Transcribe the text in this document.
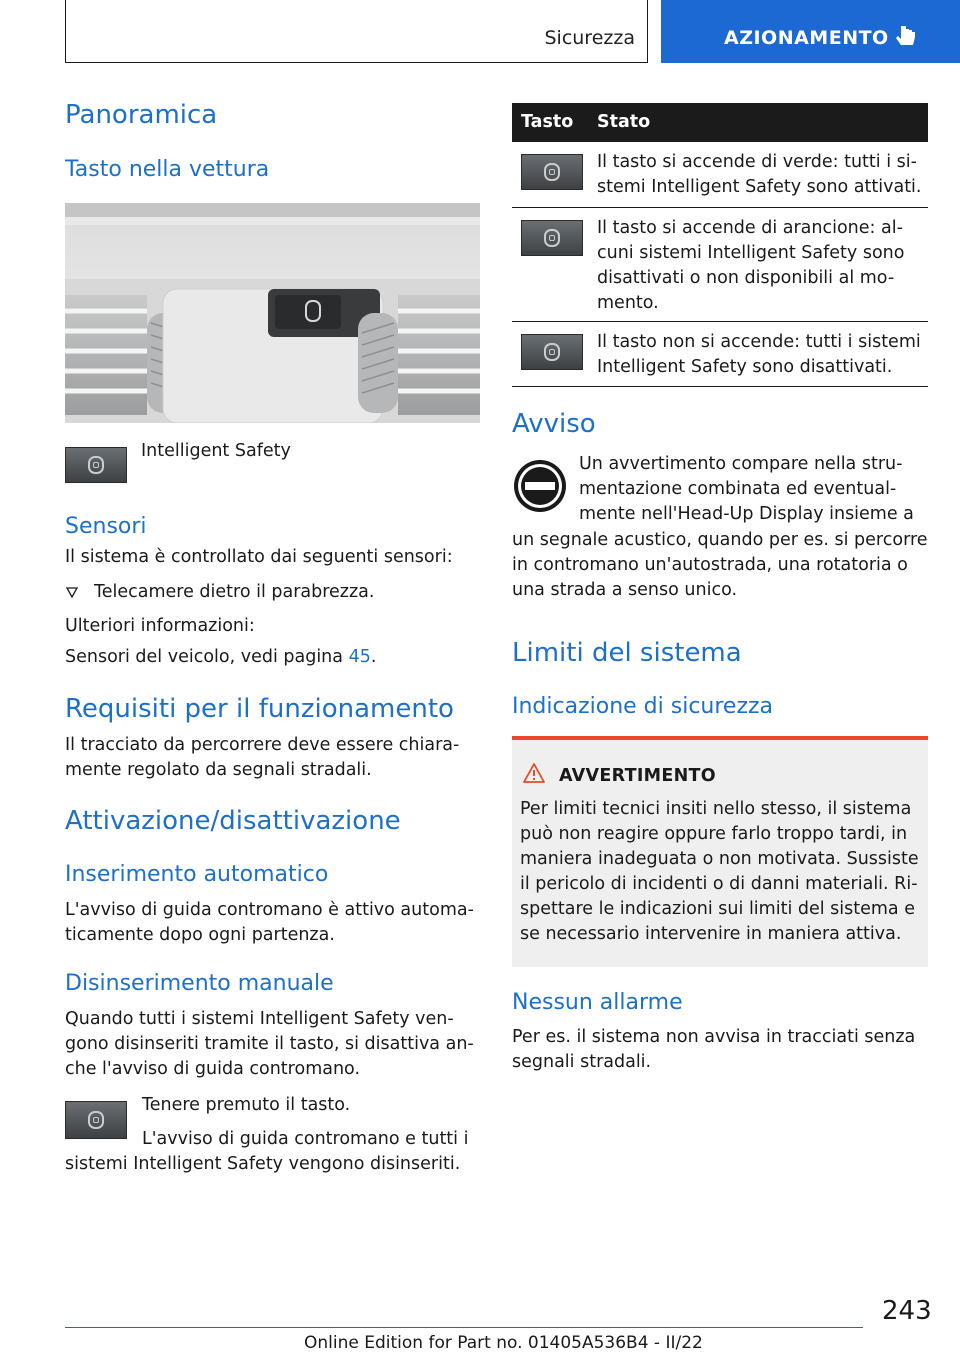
Sicurezza	AZIONAMENTO
Panoramica
Tasto nella vettura
Intelligent Safety
Sensori
Il sistema è controllato dai seguenti sensori:
Telecamere dietro il parabrezza.
Ulteriori informazioni:
Sensori del veicolo, vedi pagina 45.
Requisiti per il funzionamento
Il tracciato da percorrere deve essere chiara-
mente regolato da segnali stradali.
Attivazione/disattivazione
Inserimento automatico
L'avviso di guida contromano è attivo automa-
ticamente dopo ogni partenza.
Disinserimento manuale
Quando tutti i sistemi Intelligent Safety ven-
gono disinseriti tramite il tasto, si disattiva an-
che l'avviso di guida contromano.
Tenere premuto il tasto.
L'avviso di guida contromano e tutti i
sistemi Intelligent Safety vengono disinseriti.
Tasto Stato
Il tasto si accende di verde: tutti i si-
stemi Intelligent Safety sono attivati.
Il tasto si accende di arancione: al-
cuni sistemi Intelligent Safety sono
disattivati o non disponibili al mo-
mento.
Il tasto non si accende: tutti i sistemi
Intelligent Safety sono disattivati.
Avviso
Un avvertimento compare nella stru-
mentazione combinata ed eventual-
mente nell'Head-Up Display insieme a
un segnale acustico, quando per es. si percorre
in contromano un'autostrada, una rotatoria o
una strada a senso unico.
Limiti del sistema
Indicazione di sicurezza
AVVERTIMENTO
Per limiti tecnici insiti nello stesso, il sistema
può non reagire oppure farlo troppo tardi, in
maniera inadeguata o non motivata. Sussiste
il pericolo di incidenti o di danni materiali. Ri-
spettare le indicazioni sui limiti del sistema e
se necessario intervenire in maniera attiva.
Nessun allarme
Per es. il sistema non avvisa in tracciati senza
segnali stradali.
243
Online Edition for Part no. 01405A536B4 - II/22
